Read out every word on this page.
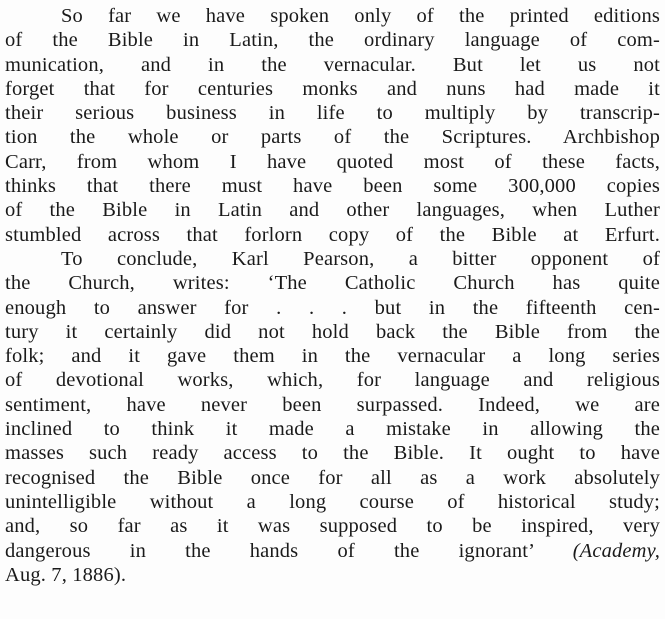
So far we have spoken only of the printed editions
of the Bible in Latin, the ordinary language of com-
munication, and in the vernacular. But let us not
forget that for centuries monks and nuns had made it
their serious business in life to multiply by transcrip-
tion the whole or parts of the Scriptures. Archbishop
Carr, from whom I have quoted most of these facts,
thinks that there must have been some 300,000 copies
of the Bible in Latin and other languages, when Luther
stumbled across that forlorn copy of the Bible at Erfurt.
To conclude, Karl Pearson, a bitter opponent of
the Church, writes: ‘The Catholic Church has quite
enough to answer for . . . but in the fifteenth cen-
tury it certainly did not hold back the Bible from the
folk; and it gave them in the vernacular a long series
of devotional works, which, for language and religious
sentiment, have never been surpassed. Indeed, we are
inclined to think it made a mistake in allowing the
masses such ready access to the Bible. It ought to have
recognised the Bible once for all as a work absolutely
unintelligible without a long course of historical study;
and, so far as it was supposed to be inspired, very
dangerous in the hands of the ignorant’ (Academy,
Aug. 7, 1886).
